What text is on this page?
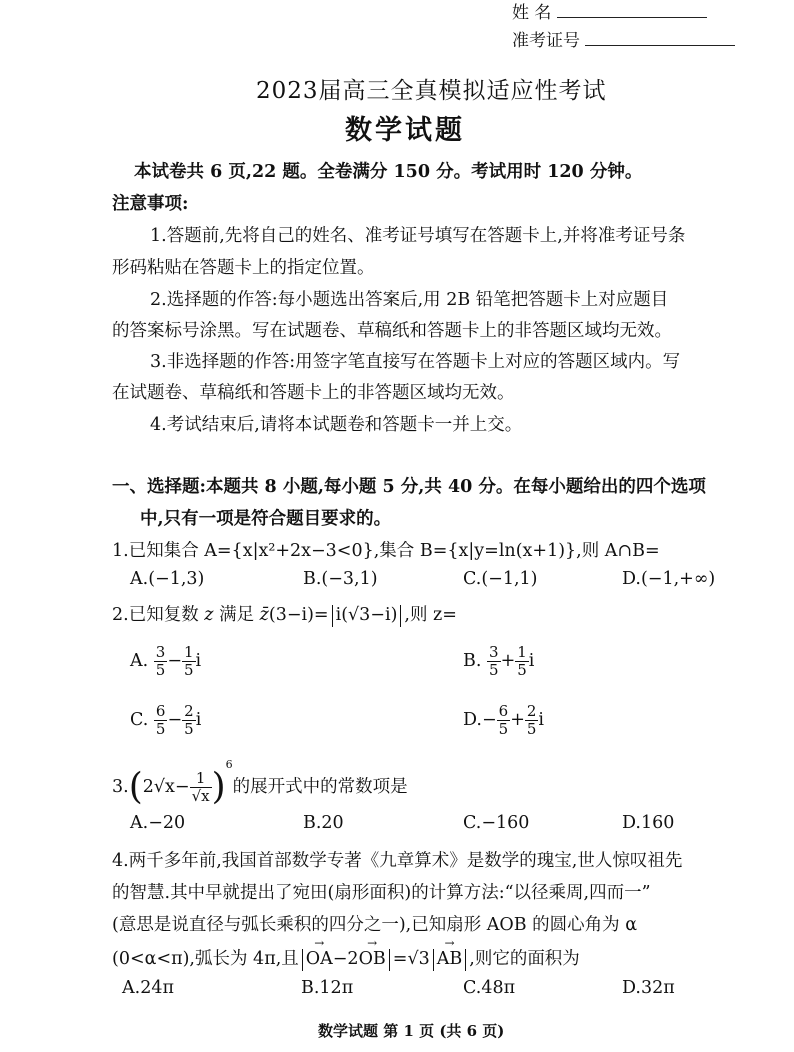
姓 名
准考证号
2023届高三全真模拟适应性考试
数学试题
本试卷共 6 页,22 题。全卷满分 150 分。考试用时 120 分钟。
注意事项:
1.答题前,先将自己的姓名、准考证号填写在答题卡上,并将准考证号条
形码粘贴在答题卡上的指定位置。
2.选择题的作答:每小题选出答案后,用 2B 铅笔把答题卡上对应题目
的答案标号涂黑。写在试题卷、草稿纸和答题卡上的非答题区域均无效。
3.非选择题的作答:用签字笔直接写在答题卡上对应的答题区域内。写
在试题卷、草稿纸和答题卡上的非答题区域均无效。
4.考试结束后,请将本试题卷和答题卡一并上交。
一、选择题:本题共 8 小题,每小题 5 分,共 40 分。在每小题给出的四个选项
中,只有一项是符合题目要求的。
1.已知集合 A={x|x²+2x−3<0},集合 B={x|y=ln(x+1)},则 A∩B=
A.(−1,3)	B.(−3,1)	C.(−1,1)	D.(−1,+∞)
2.已知复数 z 满足 z̄(3−i)= i(√3−i) ,则 z=
A. $\frac{3}{5} - \frac{1}{5}$ i	B. $\frac{3}{5} + \frac{1}{5}$ i
C. $\frac{6}{5} - \frac{2}{5}$ i	$D.- \frac{6}{5} + \frac{2}{5}$ i
$3.(2√x- \frac{1}{√x} )^6$的展开式中的常数项是
A.−20	B.20	C.−160	D.160
4.两千多年前,我国首部数学专著《九章算术》是数学的瑰宝,世人惊叹祖先
的智慧.其中早就提出了宛田(扇形面积)的计算方法:“以径乘周,四而一”
(意思是说直径与弧长乘积的四分之一),已知扇形 AOB 的圆心角为 α
(0<α<π),弧长为 4π,且 → OA−2→ OB =√3 → AB ,则它的面积为
A.24π	B.12π	C.48π	D.32π
数学试题 第 1 页 (共 6 页)
